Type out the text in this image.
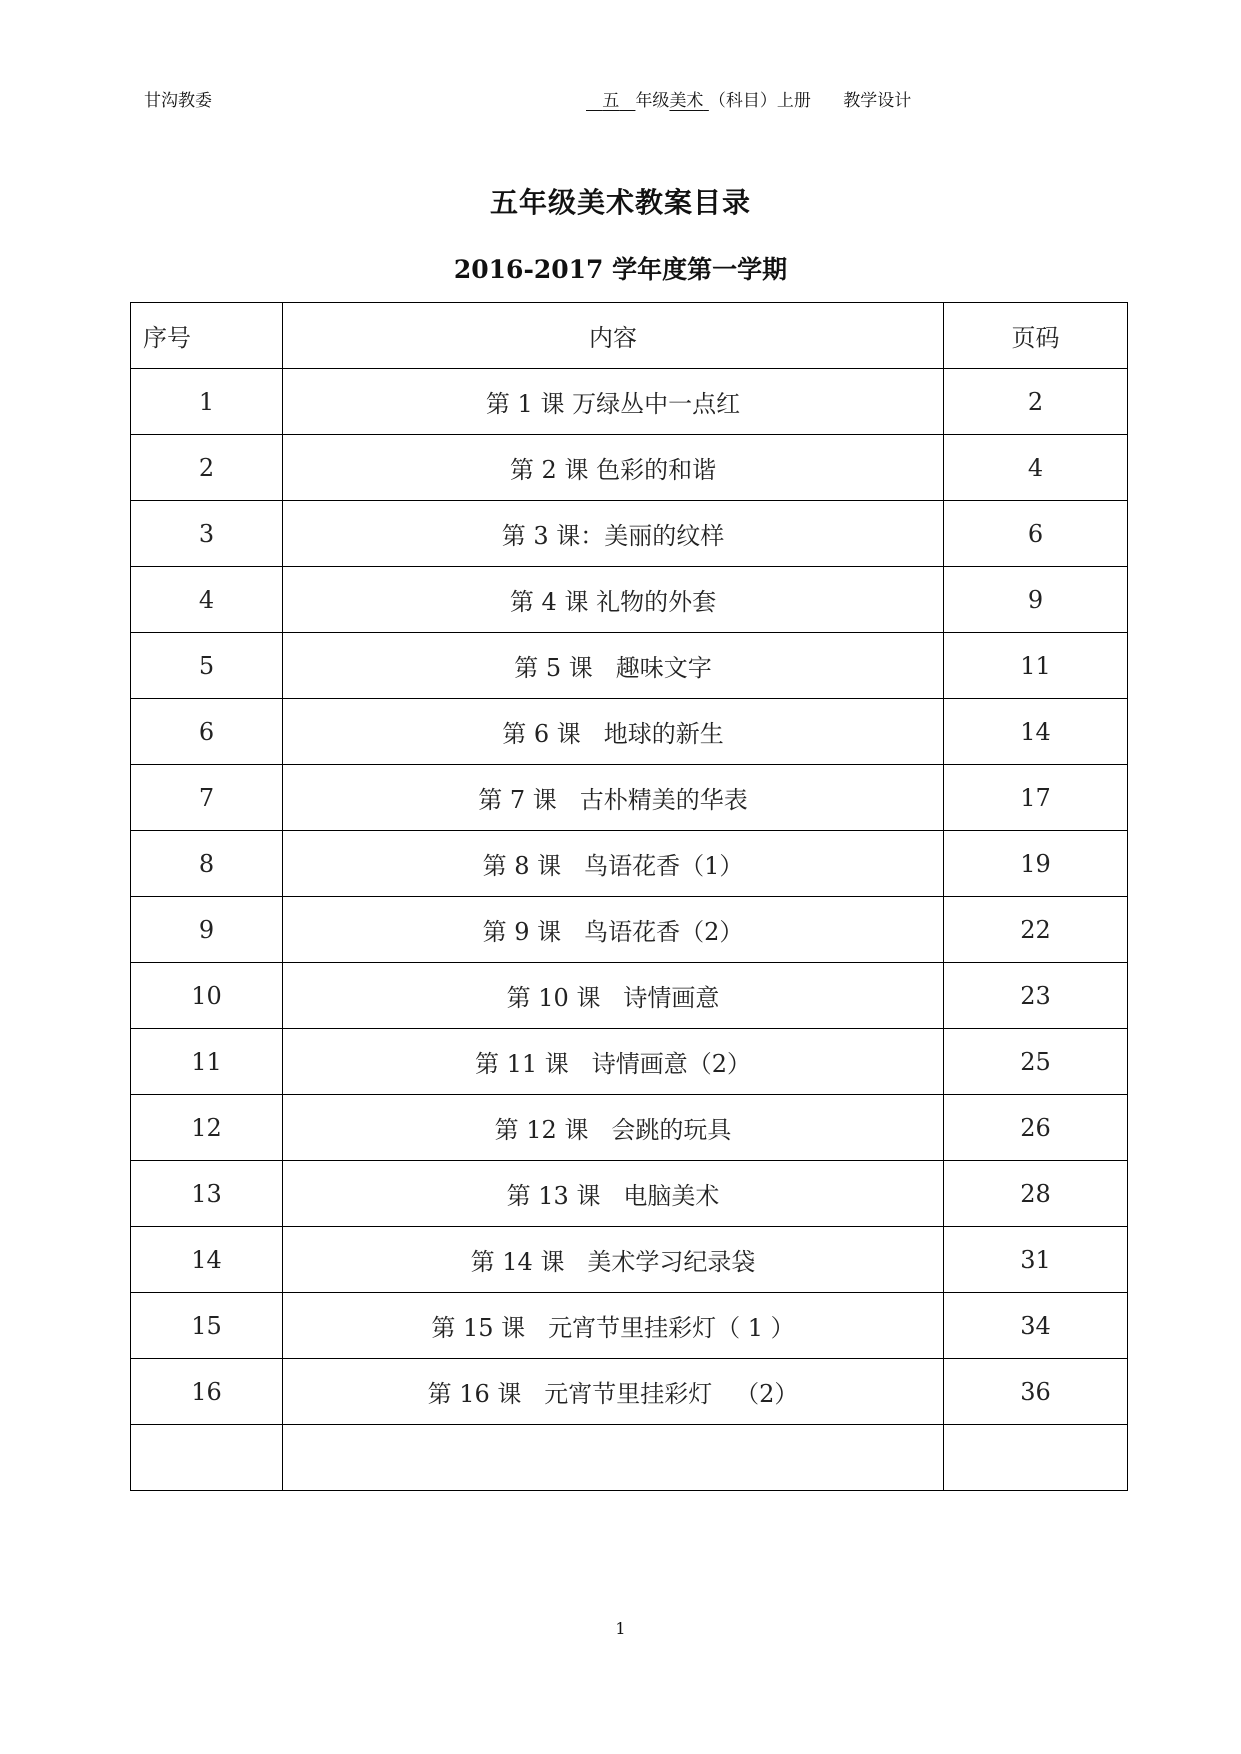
甘沟教委	五 年级美术 （科目）上册 教学设计
五年级美术教案目录
2016-2017 学年度第一学期
序号	内容	页码
1	第 1 课 万绿丛中一点红	2
2	第 2 课 色彩的和谐	4
3	第 3 课：美丽的纹样	6
4	第 4 课 礼物的外套	9
5	第 5 课   趣味文字	11
6	第 6 课   地球的新生	14
7	第 7 课   古朴精美的华表	17
8	第 8 课   鸟语花香（1）	19
9	第 9 课   鸟语花香（2）	22
10	第 10 课   诗情画意	23
11	第 11 课   诗情画意（2）	25
12	第 12 课   会跳的玩具	26
13	第 13 课   电脑美术	28
14	第 14 课   美术学习纪录袋	31
15	第 15 课   元宵节里挂彩灯（ 1 ）	34
16	第 16 课   元宵节里挂彩灯   （2）	36

1
